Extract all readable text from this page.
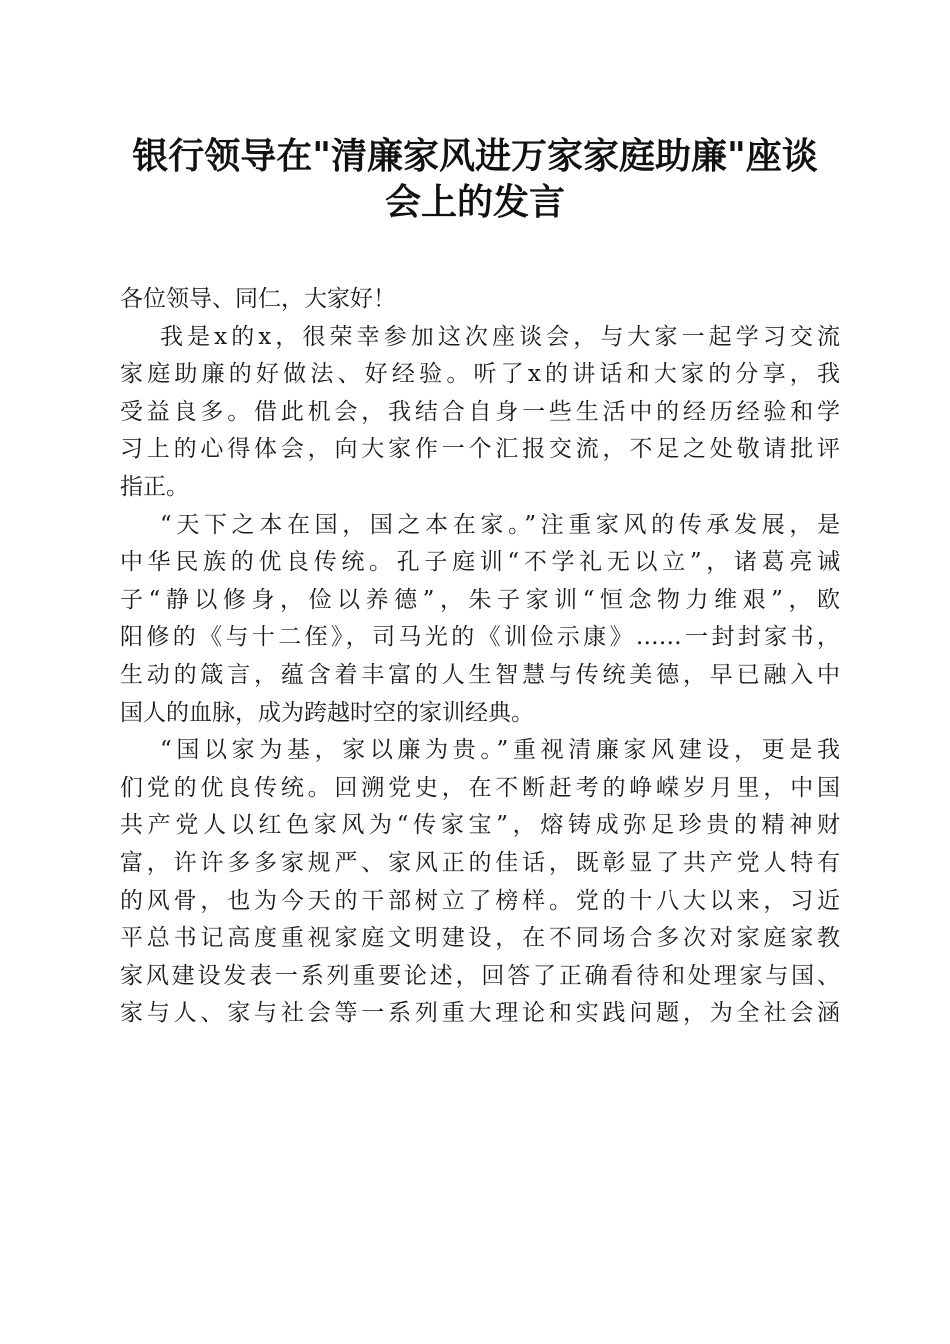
银行领导在"清廉家风进万家家庭助廉"座谈
会上的发言
各位领导、同仁，大家好！
我是x的x，很荣幸参加这次座谈会，与大家一起学习交流
家庭助廉的好做法、好经验。听了x的讲话和大家的分享，我
受益良多。借此机会，我结合自身一些生活中的经历经验和学
习上的心得体会，向大家作一个汇报交流，不足之处敬请批评
指正。
“天下之本在国，国之本在家。”注重家风的传承发展，是
中华民族的优良传统。孔子庭训“不学礼无以立”，诸葛亮诫
子“静以修身，俭以养德”，朱子家训“恒念物力维艰”，欧
阳修的《与十二侄》，司马光的《训俭示康》……一封封家书，
生动的箴言，蕴含着丰富的人生智慧与传统美德，早已融入中
国人的血脉，成为跨越时空的家训经典。
“国以家为基，家以廉为贵。”重视清廉家风建设，更是我
们党的优良传统。回溯党史，在不断赶考的峥嵘岁月里，中国
共产党人以红色家风为“传家宝”，熔铸成弥足珍贵的精神财
富，许许多多家规严、家风正的佳话，既彰显了共产党人特有
的风骨，也为今天的干部树立了榜样。党的十八大以来，习近
平总书记高度重视家庭文明建设，在不同场合多次对家庭家教
家风建设发表一系列重要论述，回答了正确看待和处理家与国、
家与人、家与社会等一系列重大理论和实践问题，为全社会涵
